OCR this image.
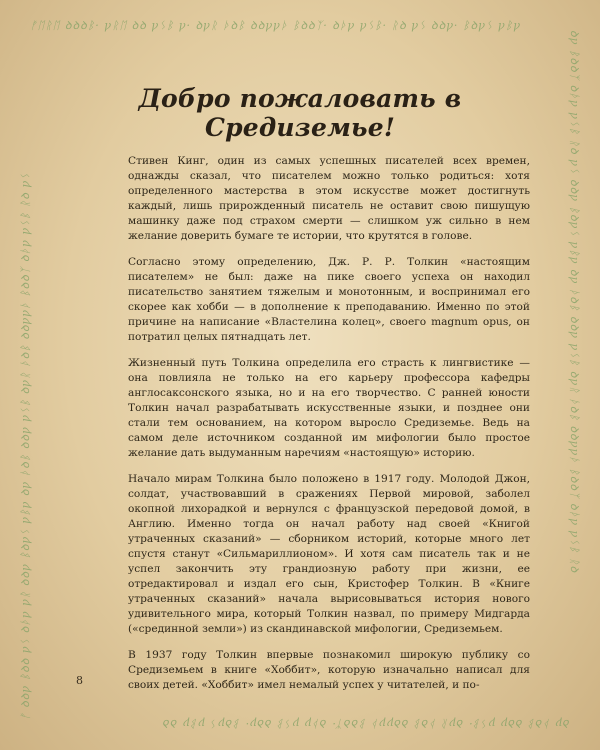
ᚠᛖᚱᛖ ꝺꝺꝺᛒ· ꝩᚱᛖ ꝺꝺ ꝩᛊᛒ ꝩ· ꝺꝩᚱ ᚦꝺᛒ ꝺꝺꝩꝩᚦ ᛒꝺꝺᛉ· ꝺᚦꝩ ꝩᛊᛒ· ᚱꝺ ꝩᛊ ꝺꝺꝩ· ᛒꝺꝩᛊ ꝩᛒꝩ
ꝺꝩ ᚦꝺᛒ ꝺꝺꝩ ꝩᛊᛒ· ꝺꝩᚱ ᚦꝺᛒ ꝺꝺꝩꝩᚦ ᛒꝺꝺᛉ· ꝺᚦꝩ ꝩᛊᛒ ꝺꝺꝩ· ᛒꝺꝩᛊ ꝩᛒꝩ ꝺꝺ
ᚠ ꝺꝺꝩ ᛒꝺꝺ ꝩᛊ ꝺᚦꝩ ꝩᚱ ꝺꝺꝩ ᛒꝺꝩᛊ ꝩᛒꝩ ꝺꝩ ᚦꝺᛒ ꝺꝺꝩ ꝩᛊᛒ ꝺꝩᚱ ᚦꝺᛒ ꝺꝺꝩꝩᚦ ᛒꝺꝺᛉ ꝺᚦꝩ ꝩᛊᛒ ᚱꝺ ꝩᛊ	ꝺꝩ ᛒꝺꝺᛉ ꝺᚦꝩ ꝩᛊᛒ ᚱꝺ ꝩᛊ ꝺꝺꝩ ᛒꝺꝩᛊ ꝩᛒꝩ ꝺꝩ ᚦꝺᛒ ꝺꝺꝩ ꝩᛊᛒ ꝺꝩᚱ ᚦꝺᛒ ꝺꝺꝩꝩᚦ ᛒꝺꝺᛉ ꝺᚦꝩ ꝩᛊᛒ ᚱꝺ
Добро пожаловать в Средиземье!

Стивен Кинг, один из самых успешных писателей всех времен, однажды сказал, что писателем можно только родиться: хотя определенного мастерства в этом искусстве может достигнуть каждый, лишь прирожденный писатель не оставит свою пишущую машинку даже под страхом смерти — слишком уж сильно в нем желание доверить бумаге те истории, что крутятся в голове.

Согласно этому определению, Дж. Р. Р. Толкин «настоящим писателем» не был: даже на пике своего успеха он находил писательство занятием тяжелым и монотонным, и воспринимал его скорее как хобби — в дополнение к преподаванию. Именно по этой причине на написание «Властелина колец», своего magnum opus, он потратил целых пятнадцать лет.

Жизненный путь Толкина определила его страсть к лингвистике — она повлияла не только на его карьеру профессора кафедры англосаксонского языка, но и на его творчество. С ранней юности Толкин начал разрабатывать искусственные языки, и позднее они стали тем основанием, на котором выросло Средиземье. Ведь на самом деле источником созданной им мифологии было простое желание дать выдуманным наречиям «настоящую» историю.

Начало мирам Толкина было положено в 1917 году. Молодой Джон, солдат, участвовавший в сражениях Первой мировой, заболел окопной лихорадкой и вернулся с французской передовой домой, в Англию. Именно тогда он начал работу над своей «Книгой утраченных сказаний» — сборником историй, которые много лет спустя станут «Сильмариллионом». И хотя сам писатель так и не успел закончить эту грандиозную работу при жизни, ее отредактировал и издал его сын, Кристофер Толкин. В «Книге утраченных сказаний» начала вырисовываться история нового удивительного мира, который Толкин назвал, по примеру Мидгарда («срединной земли») из скандинавской мифологии, Средиземьем.

В 1937 году Толкин впервые познакомил широкую публику со Средиземьем в книге «Хоббит», которую изначально написал для своих детей. «Хоббит» имел немалый успех у читателей, и по-

8
